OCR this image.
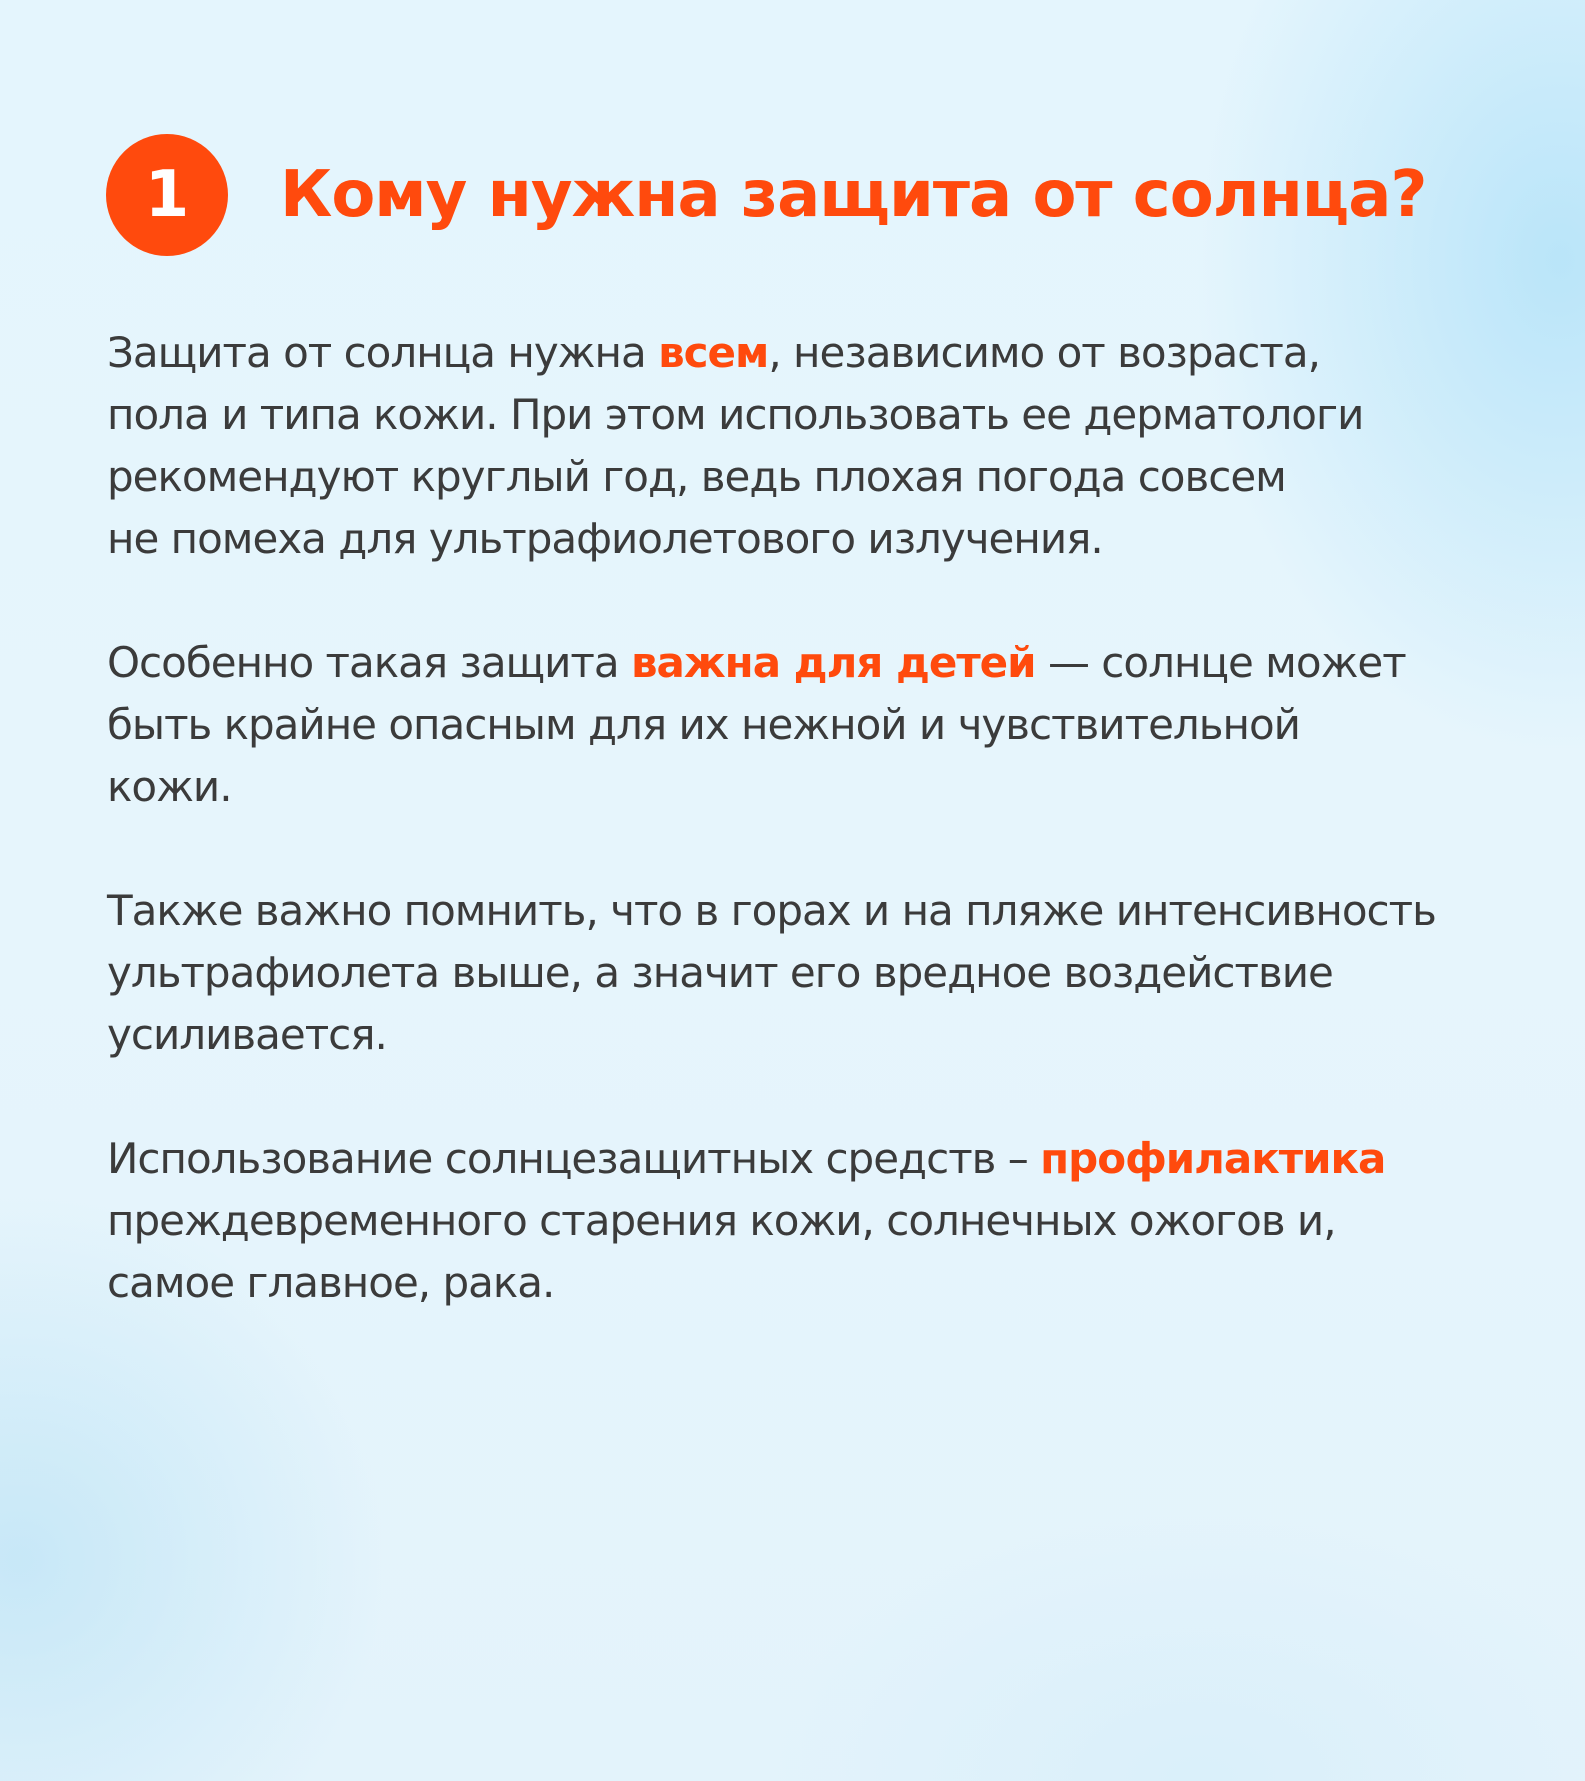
1 Кому нужна защита от солнца?

Защита от солнца нужна всем, независимо от возраста,
пола и типа кожи. При этом использовать ее дерматологи
рекомендуют круглый год, ведь плохая погода совсем
не помеха для ультрафиолетового излучения.

Особенно такая защита важна для детей — солнце может
быть крайне опасным для их нежной и чувствительной
кожи.

Также важно помнить, что в горах и на пляже интенсивность
ультрафиолета выше, а значит его вредное воздействие
усиливается.

Использование солнцезащитных средств – профилактика
преждевременного старения кожи, солнечных ожогов и,
самое главное, рака.
